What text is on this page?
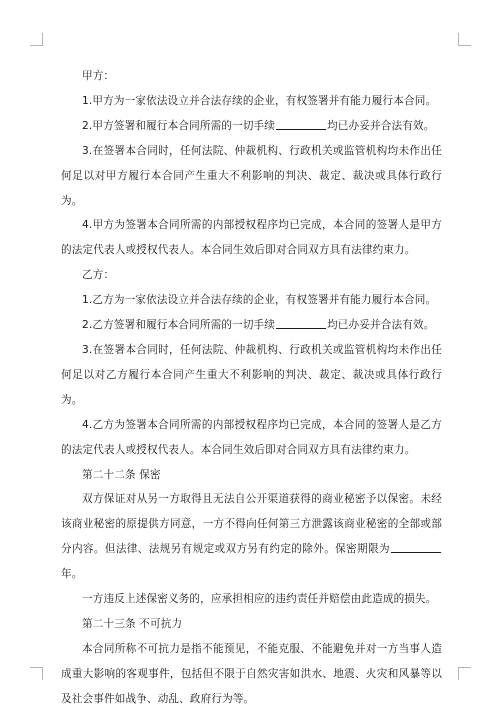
甲方：

1.甲方为一家依法设立并合法存续的企业，有权签署并有能力履行本合同。

2.甲方签署和履行本合同所需的一切手续	均已办妥并合法有效。

3.在签署本合同时，任何法院、仲裁机构、行政机关或监管机构均未作出任何足以对甲方履行本合同产生重大不利影响的判决、裁定、裁决或具体行政行为。

4.甲方为签署本合同所需的内部授权程序均已完成，本合同的签署人是甲方的法定代表人或授权代表人。本合同生效后即对合同双方具有法律约束力。

乙方：

1.乙方为一家依法设立并合法存续的企业，有权签署并有能力履行本合同。

2.乙方签署和履行本合同所需的一切手续	均已办妥并合法有效。

3.在签署本合同时，任何法院、仲裁机构、行政机关或监管机构均未作出任何足以对乙方履行本合同产生重大不利影响的判决、裁定、裁决或具体行政行为。

4.乙方为签署本合同所需的内部授权程序均已完成，本合同的签署人是乙方的法定代表人或授权代表人。本合同生效后即对合同双方具有法律约束力。

第二十二条 保密

双方保证对从另一方取得且无法自公开渠道获得的商业秘密予以保密。未经该商业秘密的原提供方同意，一方不得向任何第三方泄露该商业秘密的全部或部分内容。但法律、法规另有规定或双方另有约定的除外。保密期限为年。

一方违反上述保密义务的，应承担相应的违约责任并赔偿由此造成的损失。

第二十三条 不可抗力

本合同所称不可抗力是指不能预见，不能克服、不能避免并对一方当事人造成重大影响的客观事件，包括但不限于自然灾害如洪水、地震、火灾和风暴等以及社会事件如战争、动乱、政府行为等。
